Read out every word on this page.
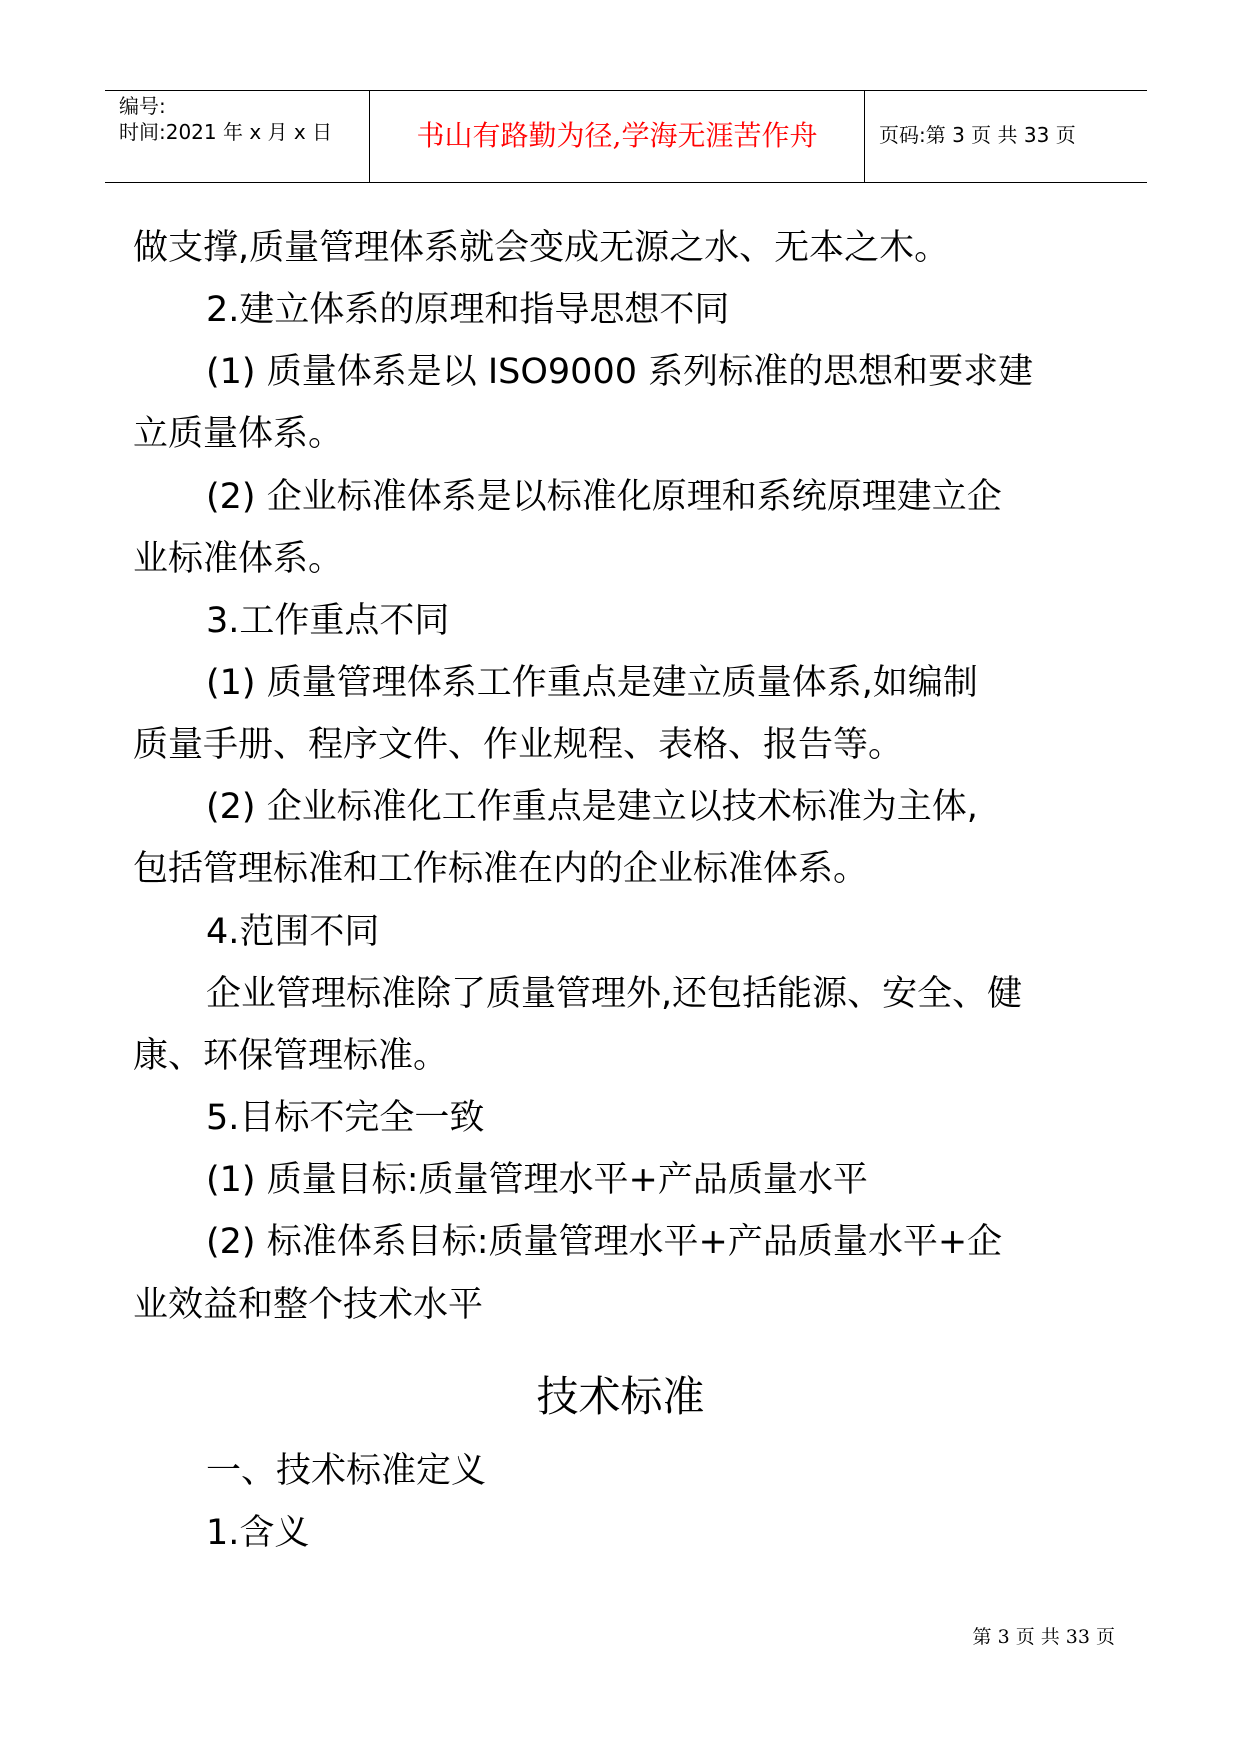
编号:
时间:2021 年 x 月 x 日	书山有路勤为径,学海无涯苦作舟	页码:第 3 页 共 33 页
做支撑,质量管理体系就会变成无源之水、无本之木。
2.建立体系的原理和指导思想不同
(1) 质量体系是以 ISO9000 系列标准的思想和要求建
立质量体系。
(2) 企业标准体系是以标准化原理和系统原理建立企
业标准体系。
3.工作重点不同
(1) 质量管理体系工作重点是建立质量体系,如编制
质量手册、程序文件、作业规程、表格、报告等。
(2) 企业标准化工作重点是建立以技术标准为主体,
包括管理标准和工作标准在内的企业标准体系。
4.范围不同
企业管理标准除了质量管理外,还包括能源、安全、健
康、环保管理标准。
5.目标不完全一致
(1) 质量目标:质量管理水平+产品质量水平
(2) 标准体系目标:质量管理水平+产品质量水平+企
业效益和整个技术水平
技术标准
一、技术标准定义
1.含义
第 3 页 共 33 页
